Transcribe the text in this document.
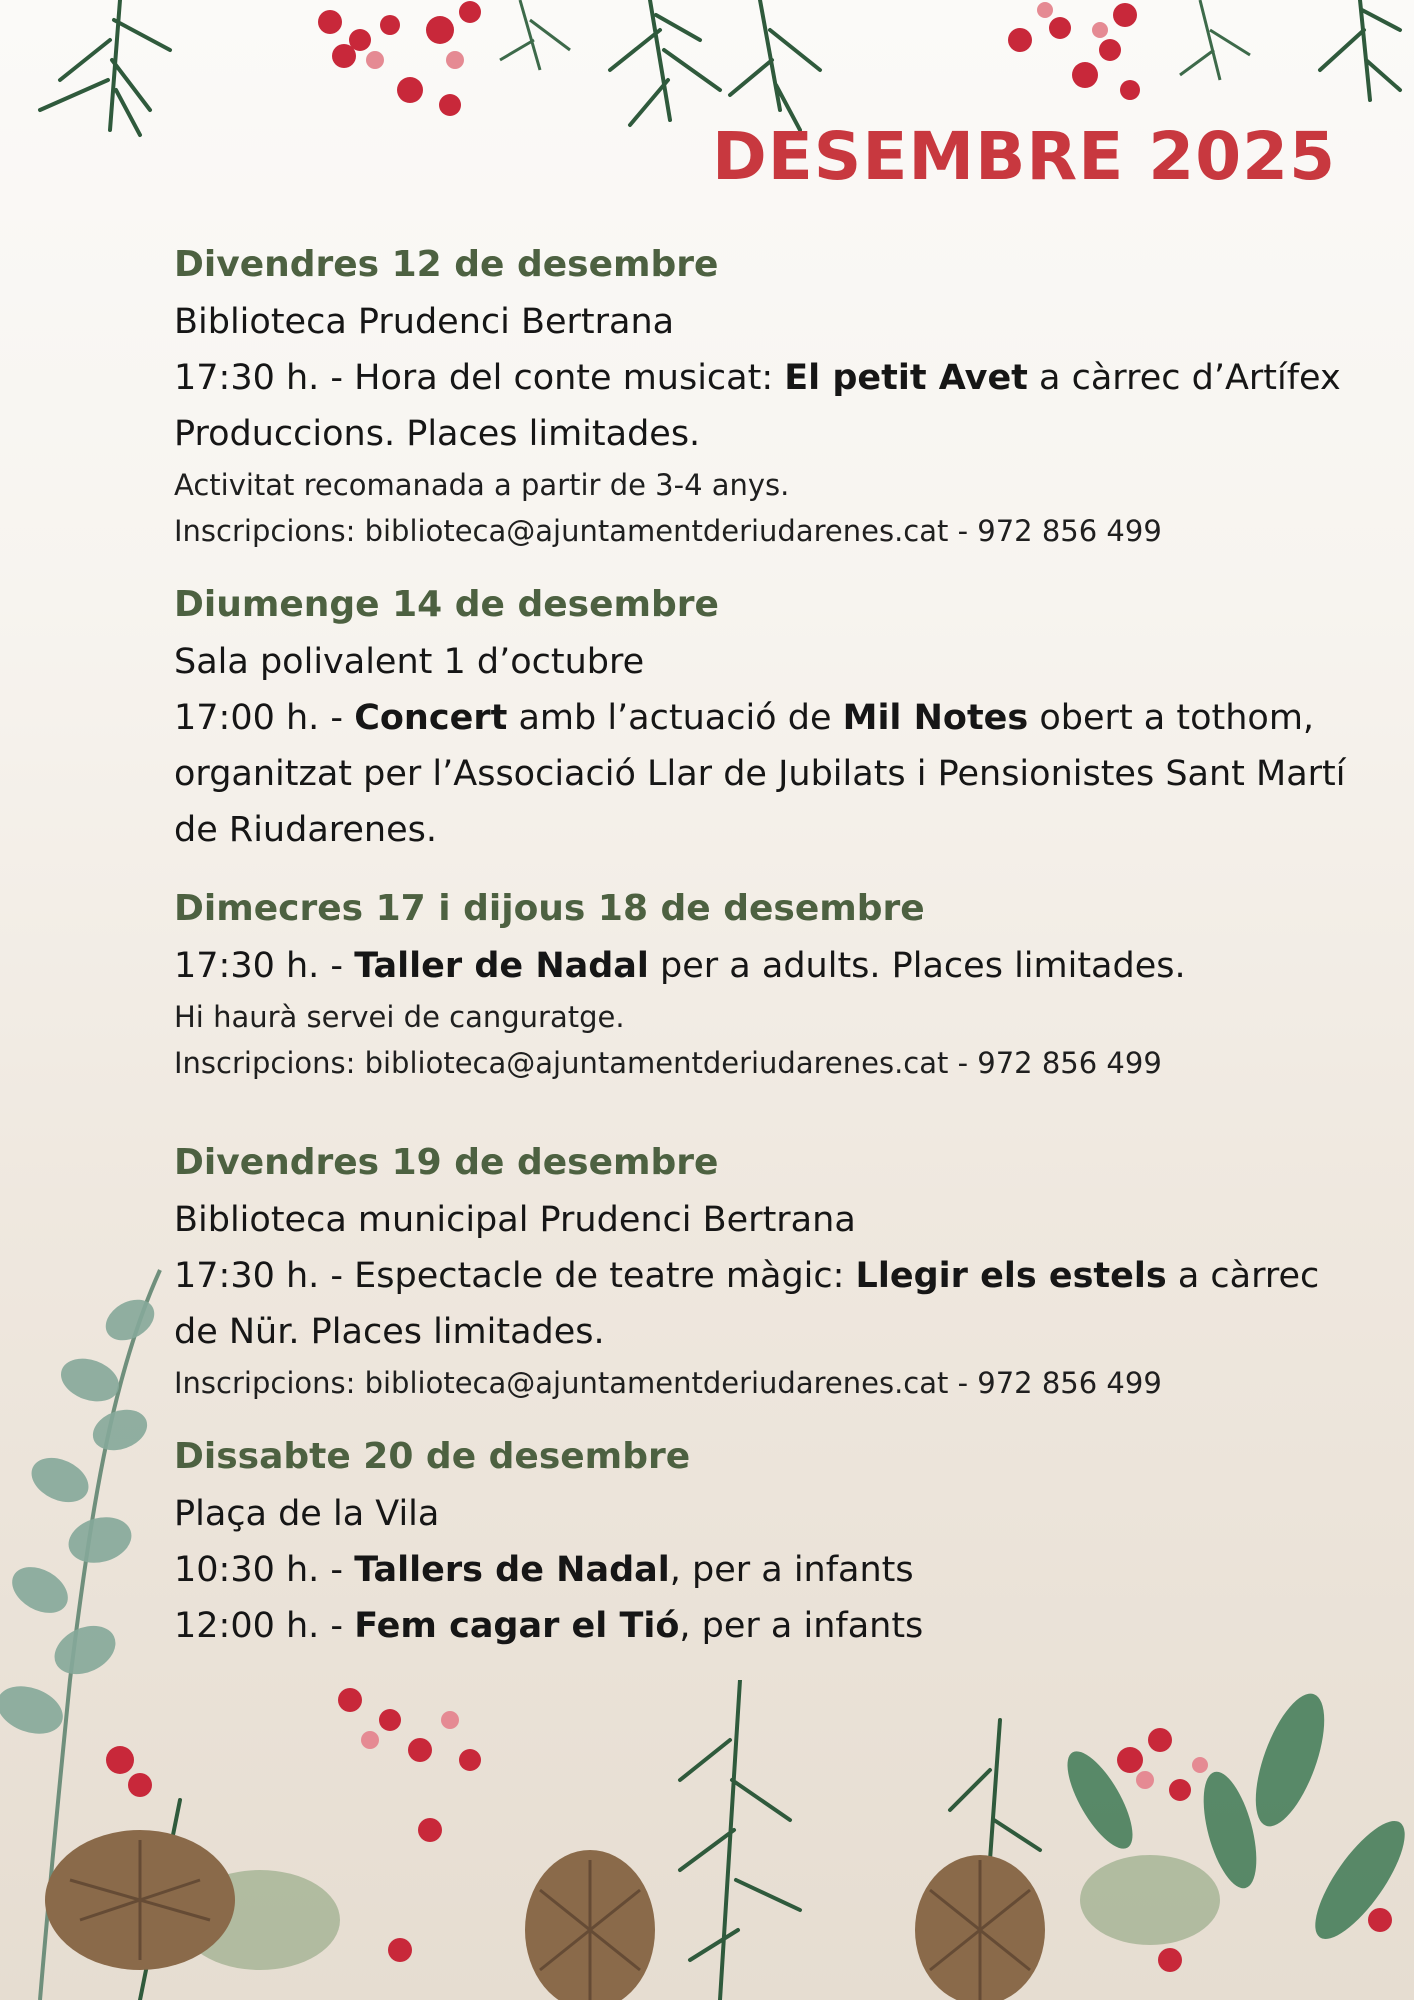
DESEMBRE 2025
Divendres 12 de desembre

Biblioteca Prudenci Bertrana

17:30 h. - Hora del conte musicat: El petit Avet a càrrec d’Artífex Produccions. Places limitades.

Activitat recomanada a partir de 3-4 anys.

Inscripcions: biblioteca@ajuntamentderiudarenes.cat - 972 856 499

Diumenge 14 de desembre

Sala polivalent 1 d’octubre

17:00 h. - Concert amb l’actuació de Mil Notes obert a tothom, organitzat per l’Associació Llar de Jubilats i Pensionistes Sant Martí de Riudarenes.

Dimecres 17 i dijous 18 de desembre

17:30 h. - Taller de Nadal per a adults. Places limitades.

Hi haurà servei de canguratge.

Inscripcions: biblioteca@ajuntamentderiudarenes.cat - 972 856 499

Divendres 19 de desembre

Biblioteca municipal Prudenci Bertrana

17:30 h. - Espectacle de teatre màgic: Llegir els estels a càrrec de Nür. Places limitades.

Inscripcions: biblioteca@ajuntamentderiudarenes.cat - 972 856 499

Dissabte 20 de desembre

Plaça de la Vila

10:30 h. - Tallers de Nadal, per a infants

12:00 h. - Fem cagar el Tió, per a infants
